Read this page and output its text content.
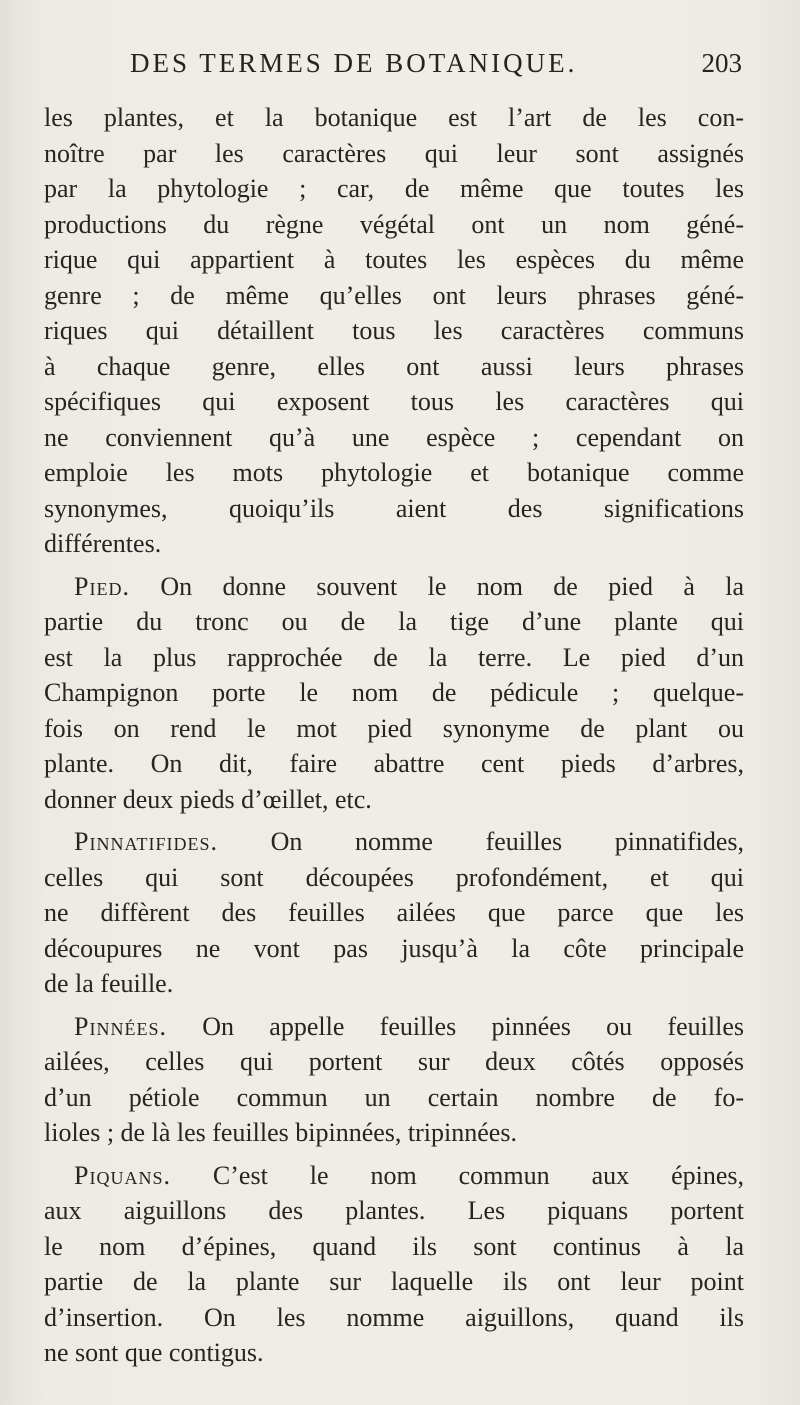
DES TERMES DE BOTANIQUE.	203
les plantes, et la botanique est l’art de les con-
noître par les caractères qui leur sont assignés
par la phytologie ; car, de même que toutes les
productions du règne végétal ont un nom géné-
rique qui appartient à toutes les espèces du même
genre ; de même qu’elles ont leurs phrases géné-
riques qui détaillent tous les caractères communs
à chaque genre, elles ont aussi leurs phrases
spécifiques qui exposent tous les caractères qui
ne conviennent qu’à une espèce ; cependant on
emploie les mots phytologie et botanique comme
synonymes, quoiqu’ils aient des significations
différentes.
Pied. On donne souvent le nom de pied à la
partie du tronc ou de la tige d’une plante qui
est la plus rapprochée de la terre. Le pied d’un
Champignon porte le nom de pédicule ; quelque-
fois on rend le mot pied synonyme de plant ou
plante. On dit, faire abattre cent pieds d’arbres,
donner deux pieds d’œillet, etc.
Pinnatifides. On nomme feuilles pinnatifides,
celles qui sont découpées profondément, et qui
ne diffèrent des feuilles ailées que parce que les
découpures ne vont pas jusqu’à la côte principale
de la feuille.
Pinnées. On appelle feuilles pinnées ou feuilles
ailées, celles qui portent sur deux côtés opposés
d’un pétiole commun un certain nombre de fo-
lioles ; de là les feuilles bipinnées, tripinnées.
Piquans. C’est le nom commun aux épines,
aux aiguillons des plantes. Les piquans portent
le nom d’épines, quand ils sont continus à la
partie de la plante sur laquelle ils ont leur point
d’insertion. On les nomme aiguillons, quand ils
ne sont que contigus.
